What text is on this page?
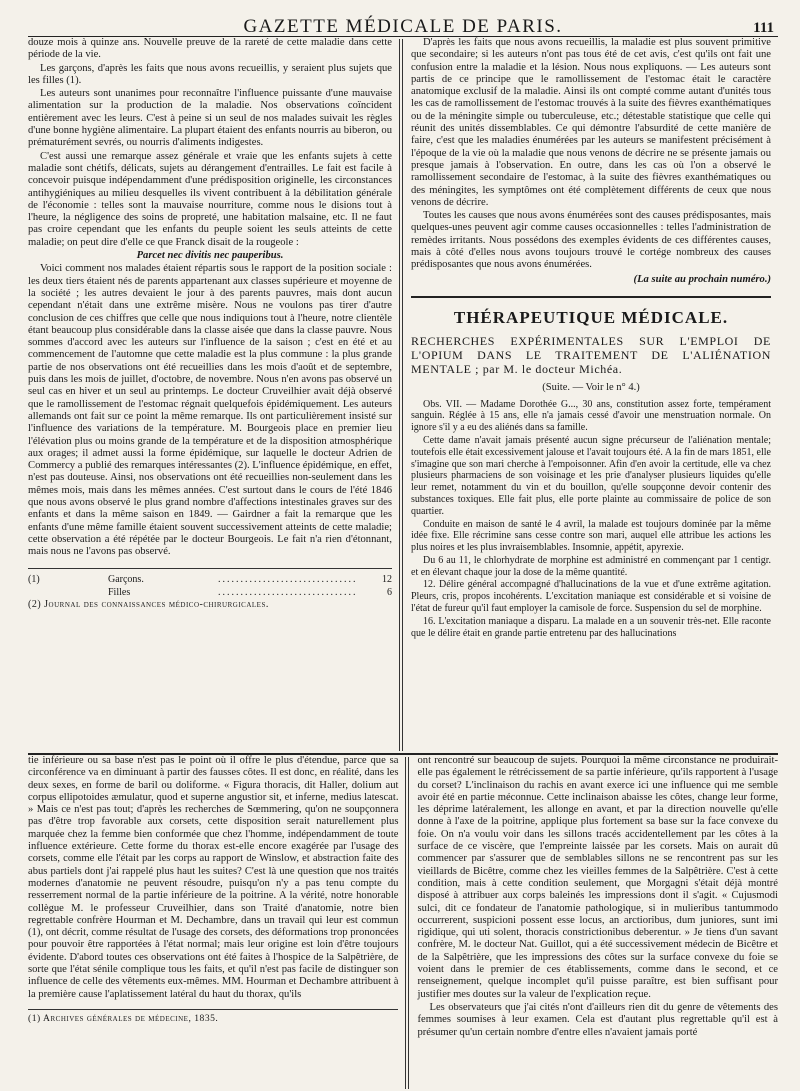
GAZETTE MÉDICALE DE PARIS.	111

douze mois à quinze ans. Nouvelle preuve de la rareté de cette maladie dans cette période de la vie.

Les garçons, d'après les faits que nous avons recueillis, y seraient plus sujets que les filles (1).

Les auteurs sont unanimes pour reconnaître l'influence puissante d'une mauvaise alimentation sur la production de la maladie. Nos observations coïncident entièrement avec les leurs. C'est à peine si un seul de nos malades suivait les règles d'une bonne hygiène alimentaire. La plupart étaient des enfants nourris au biberon, ou prématurément sevrés, ou nourris d'aliments indigestes.

C'est aussi une remarque assez générale et vraie que les enfants sujets à cette maladie sont chétifs, délicats, sujets au dérangement d'entrailles. Le fait est facile à concevoir puisque indépendamment d'une prédisposition originelle, les circonstances antihygiéniques au milieu desquelles ils vivent contribuent à la débilitation générale de l'économie : telles sont la mauvaise nourriture, comme nous le disions tout à l'heure, la négligence des soins de propreté, une habitation malsaine, etc. Il ne faut pas croire cependant que les enfants du peuple soient les seuls atteints de cette maladie; on peut dire d'elle ce que Franck disait de la rougeole :

Parcet nec divitis nec pauperibus.

Voici comment nos malades étaient répartis sous le rapport de la position sociale : les deux tiers étaient nés de parents appartenant aux classes supérieure et moyenne de la société ; les autres devaient le jour à des parents pauvres, mais dont aucun cependant n'était dans une extrême misère. Nous ne voulons pas tirer d'autre conclusion de ces chiffres que celle que nous indiquions tout à l'heure, notre clientèle étant beaucoup plus considérable dans la classe aisée que dans la classe pauvre. Nous sommes d'accord avec les auteurs sur l'influence de la saison ; c'est en été et au commencement de l'automne que cette maladie est la plus commune : la plus grande partie de nos observations ont été recueillies dans les mois d'août et de septembre, puis dans les mois de juillet, d'octobre, de novembre. Nous n'en avons pas observé un seul cas en hiver et un seul au printemps. Le docteur Cruveilhier avait déjà observé que le ramollissement de l'estomac régnait quelquefois épidémiquement. Les auteurs allemands ont fait sur ce point la même remarque. Ils ont particulièrement insisté sur l'influence des variations de la température. M. Bourgeois place en premier lieu l'élévation plus ou moins grande de la température et de la disposition atmosphérique aux orages; il admet aussi la forme épidémique, sur laquelle le docteur Adrien de Commercy a publié des remarques intéressantes (2). L'influence épidémique, en effet, n'est pas douteuse. Ainsi, nos observations ont été recueillies non-seulement dans les mêmes mois, mais dans les mêmes années. C'est surtout dans le cours de l'été 1846 que nous avons observé le plus grand nombre d'affections intestinales graves sur des enfants et dans la même saison en 1849. — Gairdner a fait la remarque que les enfants d'une même famille étaient souvent successivement atteints de cette maladie; cette observation a été répétée par le docteur Bourgeois. Le fait n'a rien d'étonnant, mais nous ne l'avons pas observé.

(1)	Garçons.	...............................	12
Filles	...............................	6
(2) Journal des connaissances médico-chirurgicales.

D'après les faits que nous avons recueillis, la maladie est plus souvent primitive que secondaire; si les auteurs n'ont pas tous été de cet avis, c'est qu'ils ont fait une confusion entre la maladie et la lésion. Nous nous expliquons. — Les auteurs sont partis de ce principe que le ramollissement de l'estomac était le caractère anatomique exclusif de la maladie. Ainsi ils ont compté comme autant d'unités tous les cas de ramollissement de l'estomac trouvés à la suite des fièvres exanthématiques ou de la méningite simple ou tuberculeuse, etc.; détestable statistique que celle qui réunit des unités dissemblables. Ce qui démontre l'absurdité de cette manière de faire, c'est que les maladies énumérées par les auteurs se manifestent précisément à l'époque de la vie où la maladie que nous venons de décrire ne se présente jamais ou presque jamais à l'observation. En outre, dans les cas où l'on a observé le ramollissement secondaire de l'estomac, à la suite des fièvres exanthématiques ou des méningites, les symptômes ont été complètement différents de ceux que nous venons de décrire.

Toutes les causes que nous avons énumérées sont des causes prédisposantes, mais quelques-unes peuvent agir comme causes occasionnelles : telles l'administration de remèdes irritants. Nous possédons des exemples évidents de ces différentes causes, mais à côté d'elles nous avons toujours trouvé le cortége nombreux des causes prédisposantes que nous avons énumérées.

(La suite au prochain numéro.)
THÉRAPEUTIQUE MÉDICALE.
RECHERCHES EXPÉRIMENTALES SUR L'EMPLOI DE L'OPIUM DANS LE TRAITEMENT DE L'ALIÉNATION MENTALE ; par M. le docteur Michéa.
(Suite. — Voir le n° 4.)

Obs. VII. — Madame Dorothée G..., 30 ans, constitution assez forte, tempérament sanguin. Réglée à 15 ans, elle n'a jamais cessé d'avoir une menstruation normale. On ignore s'il y a eu des aliénés dans sa famille.

Cette dame n'avait jamais présenté aucun signe précurseur de l'aliénation mentale; toutefois elle était excessivement jalouse et l'avait toujours été. A la fin de mars 1851, elle s'imagine que son mari cherche à l'empoisonner. Afin d'en avoir la certitude, elle va chez plusieurs pharmaciens de son voisinage et les prie d'analyser plusieurs liquides qu'elle leur remet, notamment du vin et du bouillon, qu'elle soupçonne devoir contenir des substances toxiques. Elle fait plus, elle porte plainte au commissaire de police de son quartier.

Conduite en maison de santé le 4 avril, la malade est toujours dominée par la même idée fixe. Elle récrimine sans cesse contre son mari, auquel elle attribue les actions les plus noires et les plus invraisemblables. Insomnie, appétit, apyrexie.

Du 6 au 11, le chlorhydrate de morphine est administré en commençant par 1 centigr. et en élevant chaque jour la dose de la même quantité.

12. Délire général accompagné d'hallucinations de la vue et d'une extrême agitation. Pleurs, cris, propos incohérents. L'excitation maniaque est considérable et si voisine de l'état de fureur qu'il faut employer la camisole de force. Suspension du sel de morphine.

16. L'excitation maniaque a disparu. La malade en a un souvenir très-net. Elle raconte que le délire était en grande partie entretenu par des hallucinations

tie inférieure ou sa base n'est pas le point où il offre le plus d'étendue, parce que sa circonférence va en diminuant à partir des fausses côtes. Il est donc, en réalité, dans les deux sexes, en forme de baril ou doliforme. « Figura thoracis, dit Haller, dolium aut corpus ellipotoides æmulatur, quod et superne angustior sit, et inferne, medius latescat. » Mais ce n'est pas tout; d'après les recherches de Sœmmering, qu'on ne soupçonnera pas d'être trop favorable aux corsets, cette disposition serait naturellement plus marquée chez la femme bien conformée que chez l'homme, indépendamment de toute influence extérieure. Cette forme du thorax est-elle encore exagérée par l'usage des corsets, comme elle l'était par les corps au rapport de Winslow, et abstraction faite des abus partiels dont j'ai rappelé plus haut les suites? C'est là une question que nos traités modernes d'anatomie ne peuvent résoudre, puisqu'on n'y a pas tenu compte du resserrement normal de la partie inférieure de la poitrine. A la vérité, notre honorable collègue M. le professeur Cruveilhier, dans son Traité d'anatomie, notre bien regrettable confrère Hourman et M. Dechambre, dans un travail qui leur est commun (1), ont décrit, comme résultat de l'usage des corsets, des déformations trop prononcées pour pouvoir être rapportées à l'état normal; mais leur origine est loin d'être toujours évidente. D'abord toutes ces observations ont été faites à l'hospice de la Salpêtrière, de sorte que l'état sénile complique tous les faits, et qu'il n'est pas facile de distinguer son influence de celle des vêtements eux-mêmes. MM. Hourman et Dechambre attribuent à la première cause l'aplatissement latéral du haut du thorax, qu'ils

(1) Archives générales de médecine, 1835.

ont rencontré sur beaucoup de sujets. Pourquoi la même circonstance ne produirait-elle pas également le rétrécissement de sa partie inférieure, qu'ils rapportent à l'usage du corset? L'inclinaison du rachis en avant exerce ici une influence qui me semble avoir été en partie méconnue. Cette inclinaison abaisse les côtes, change leur forme, les déprime latéralement, les allonge en avant, et par la direction nouvelle qu'elle donne à l'axe de la poitrine, applique plus fortement sa base sur la face convexe du foie. On n'a voulu voir dans les sillons tracés accidentellement par les côtes à la surface de ce viscère, que l'empreinte laissée par les corsets. Mais on aurait dû commencer par s'assurer que de semblables sillons ne se rencontrent pas sur les vieillards de Bicêtre, comme chez les vieilles femmes de la Salpêtrière. C'est à cette condition, mais à cette condition seulement, que Morgagni s'était déjà montré disposé à attribuer aux corps baleinés les impressions dont il s'agit. « Cujusmodi sulci, dit ce fondateur de l'anatomie pathologique, si in mulieribus tantummodo occurrerent, suspicioni possent esse locus, an arctioribus, dum juniores, sunt imi rigidique, qui uti solent, thoracis constrictionibus deberentur. » Je tiens d'un savant confrère, M. le docteur Nat. Guillot, qui a été successivement médecin de Bicêtre et de la Salpêtrière, que les impressions des côtes sur la surface convexe du foie se voient dans le premier de ces établissements, comme dans le second, et ce renseignement, quelque incomplet qu'il puisse paraître, est bien suffisant pour justifier mes doutes sur la valeur de l'explication reçue.

Les observateurs que j'ai cités n'ont d'ailleurs rien dit du genre de vêtements des femmes soumises à leur examen. Cela est d'autant plus regrettable qu'il est à présumer qu'un certain nombre d'entre elles n'avaient jamais porté
